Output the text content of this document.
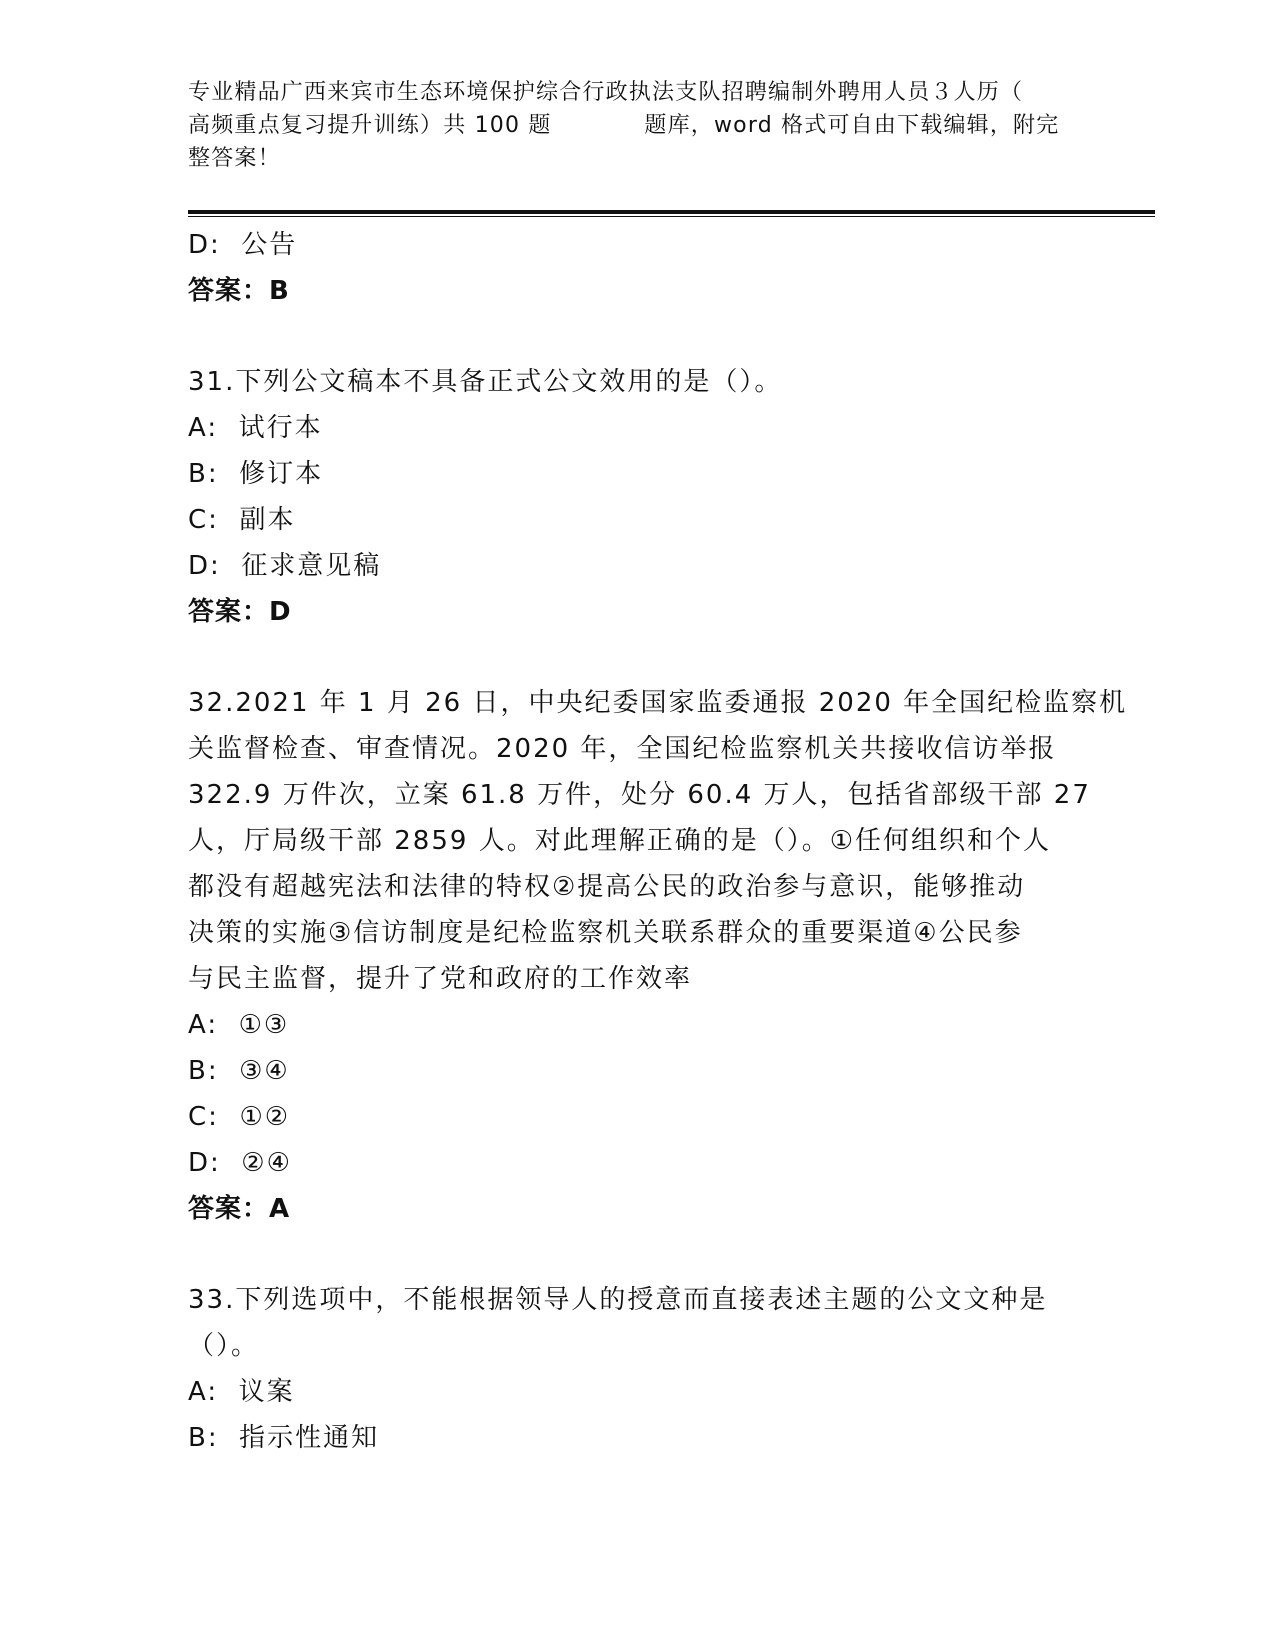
专业精品广西来宾市生态环境保护综合行政执法支队招聘编制外聘用人员３人历（
高频重点复习提升训练）共 100 题　　　　题库，word 格式可自由下载编辑，附完
整答案！
D:  公告
答案：B
31.下列公文稿本不具备正式公文效用的是（）。
A:  试行本
B:  修订本
C:  副本
D:  征求意见稿
答案：D
32.2021 年 1 月 26 日，中央纪委国家监委通报 2020 年全国纪检监察机
关监督检查、审查情况。2020 年，全国纪检监察机关共接收信访举报
322.9 万件次，立案 61.8 万件，处分 60.4 万人，包括省部级干部 27
人，厅局级干部 2859 人。对此理解正确的是（）。①任何组织和个人
都没有超越宪法和法律的特权②提高公民的政治参与意识，能够推动
决策的实施③信访制度是纪检监察机关联系群众的重要渠道④公民参
与民主监督，提升了党和政府的工作效率
A:  ①③
B:  ③④
C:  ①②
D:  ②④
答案：A
33.下列选项中，不能根据领导人的授意而直接表述主题的公文文种是
（）。
A:  议案
B:  指示性通知
